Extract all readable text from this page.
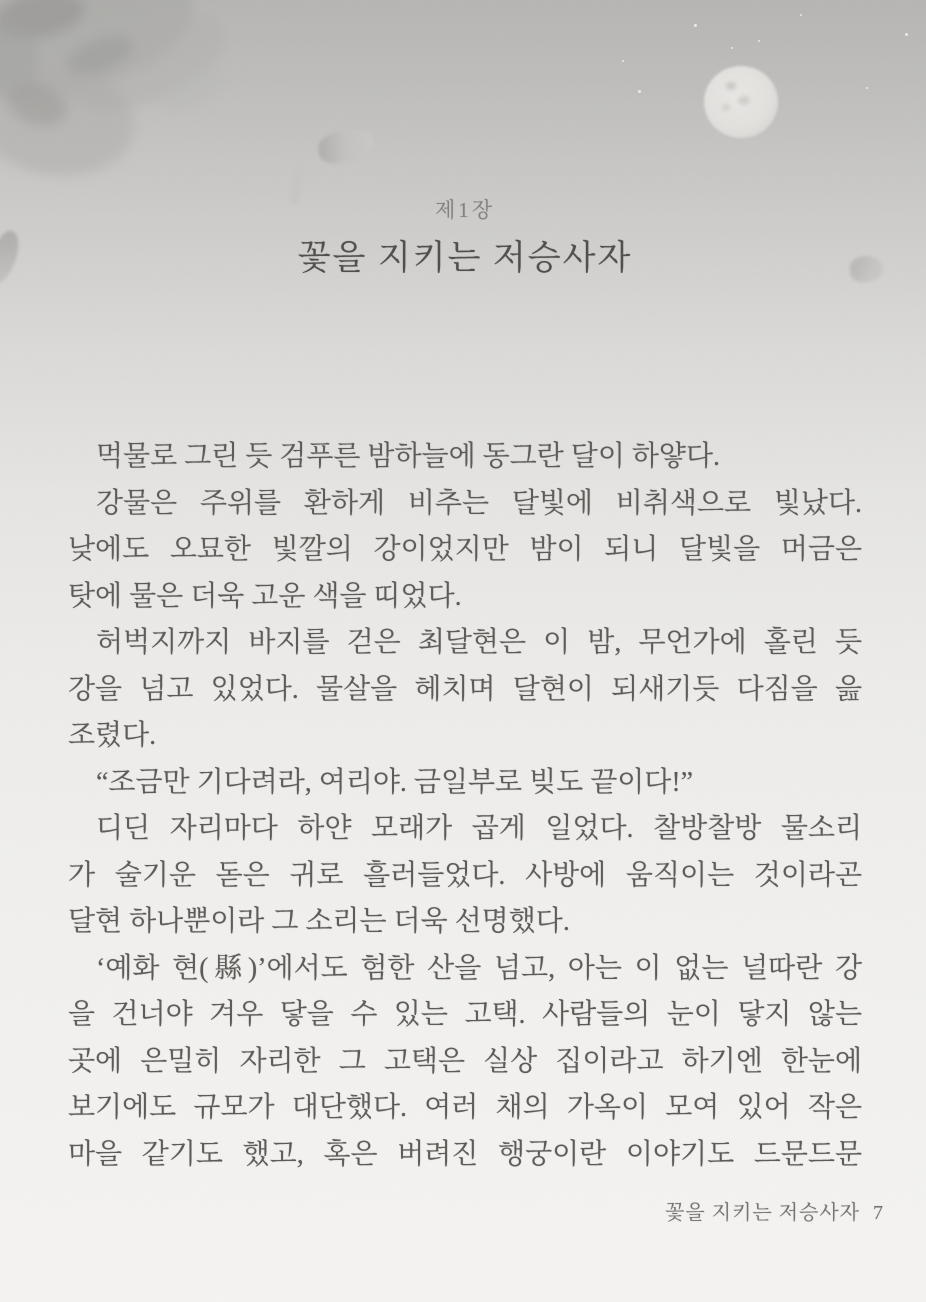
제1장
꽃을 지키는 저승사자
먹물로 그린 듯 검푸른 밤하늘에 동그란 달이 하얗다.
강물은 주위를 환하게 비추는 달빛에 비취색으로 빛났다.
낮에도 오묘한 빛깔의 강이었지만 밤이 되니 달빛을 머금은
탓에 물은 더욱 고운 색을 띠었다.
허벅지까지 바지를 걷은 최달현은 이 밤, 무언가에 홀린 듯
강을 넘고 있었다. 물살을 헤치며 달현이 되새기듯 다짐을 읊
조렸다.
“조금만 기다려라, 여리야. 금일부로 빚도 끝이다!”
디딘 자리마다 하얀 모래가 곱게 일었다. 찰방찰방 물소리
가 술기운 돋은 귀로 흘러들었다. 사방에 움직이는 것이라곤
달현 하나뿐이라 그 소리는 더욱 선명했다.
‘예화 현(縣)’에서도 험한 산을 넘고, 아는 이 없는 널따란 강
을 건너야 겨우 닿을 수 있는 고택. 사람들의 눈이 닿지 않는
곳에 은밀히 자리한 그 고택은 실상 집이라고 하기엔 한눈에
보기에도 규모가 대단했다. 여러 채의 가옥이 모여 있어 작은
마을 같기도 했고, 혹은 버려진 행궁이란 이야기도 드문드문
꽃을 지키는 저승사자 7
